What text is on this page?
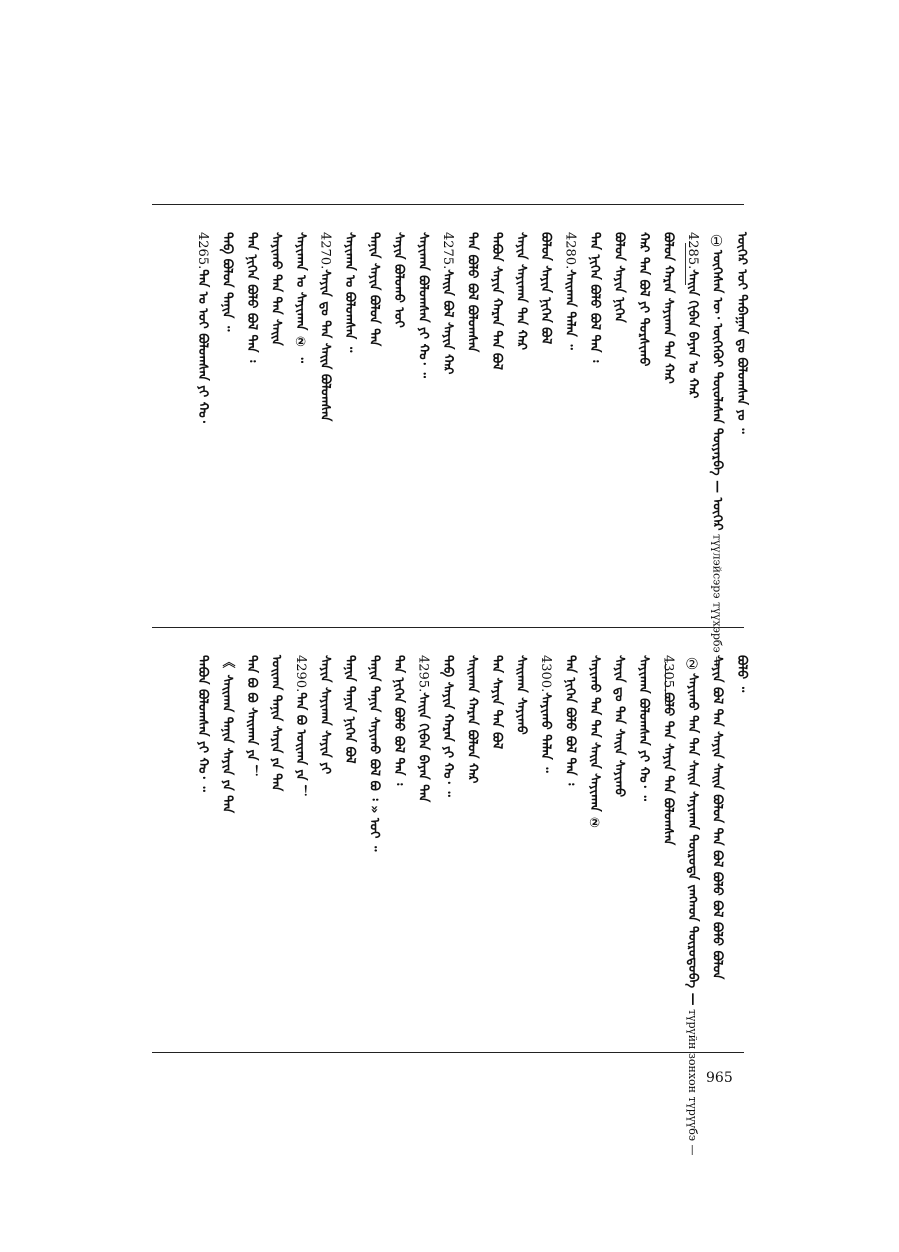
ᠦᠬᠡᠷ ᠣᠢ ᠳᠠᠪᠠᠭᠠᠨ ᠳᠤ ᠪᠣᠯᠤᠭᠰᠠᠨ ᠶᠤ ᠃
①ᠦᠬᠡᠰᠡᠨ ᠦ᠂ ᠦᠬᠡᠬᠦᠢ ᠲᠦᠦᠯᠡᠰᠡᠨ ᠲᠦᠶᠡᠷᠪᠡ — ᠦᠬᠡᠷ түүлэйсэрэ түүхэрбэ —
4285.ᠰᠠᠢᠨ ᠬᠢᠪᠡᠨ ᠪᠠᠶᠠᠨ ᠤ ᠬᠠᠷ
ᠪᠣᠯᠣᠨ ᠬᠠᠷᠠᠨ ᠰᠠᠶᠢᠬᠠᠨ ᠲᠠᠨ ᠬᠠᠷ
ᠬᠠᠷ ᠲᠠᠨ ᠪᠣᠯ ᠶᠢ ᠲᠤᠷᠰᠢᠬᠤ
ᠪᠣᠯᠤᠨ ᠰᠠᠶᠢᠨ ᠨᠢᠭᠡᠨ
ᠲᠠᠨ ᠨᠢᠭᠡᠨ ᠪᠣᠯᠤ ᠪᠣᠯ ᠲᠠᠨ ᠄
4280.ᠰᠠᠢᠬᠠᠨ ᠲᠠᠯᠠᠨ ᠃
ᠪᠣᠯᠤᠨ ᠰᠠᠶᠢᠨ ᠨᠢᠭᠡᠨ ᠪᠣᠯ
ᠰᠠᠶᠢᠨ ᠰᠠᠶᠢᠬᠠᠨ ᠲᠠᠨ ᠬᠠᠷ
ᠲᠠᠪᠤᠨ ᠰᠠᠶᠢᠨ ᠬᠠᠷᠠᠨ ᠲᠠᠨ ᠪᠣᠯ
ᠲᠠᠨ ᠪᠣᠯᠤ ᠪᠣᠯ ᠪᠣᠯᠤᠭᠰᠠᠨ
4275.ᠰᠠᠢᠨ ᠪᠣᠯ ᠰᠠᠶᠢᠨ ᠬᠠᠷ
ᠰᠠᠶᠢᠬᠠᠨ ᠪᠣᠯᠤᠭᠰᠠᠨ ᠶᠢ ᠬᠣ᠂ ᠃
ᠰᠠᠶᠢᠨ ᠪᠣᠯᠤᠬᠤ ᠣᠢ
ᠲᠠᠨᠢᠨ ᠰᠠᠶᠢᠨ ᠪᠣᠯᠤᠨ ᠲᠠᠨ
ᠰᠠᠶᠢᠬᠠᠨ ᠤ ᠪᠣᠯᠤᠭᠰᠠᠨ ᠃
4270.ᠰᠠᠶᠢᠨ ᠳᠤ ᠲᠠᠨ ᠰᠠᠢᠨ ᠪᠣᠯᠤᠭᠰᠠᠨ
ᠰᠠᠶᠢᠬᠠᠨ ᠤ ᠰᠠᠶᠢᠬᠠᠨ ② ᠃
ᠰᠠᠶᠢᠬᠤ ᠲᠠᠨ ᠲᠠᠨ ᠰᠠᠢᠨ
ᠲᠠᠨ ᠨᠢᠭᠡᠨ ᠪᠣᠯᠤ ᠪᠣᠯ ᠲᠠᠨ ᠄
ᠲᠠᠪ ᠪᠣᠯᠤᠨ ᠲᠠᠨᠢᠨ ᠃
4265.ᠲᠠᠨ ᠤ ᠣᠢ ᠪᠣᠯᠤᠭᠰᠠᠨ ᠶᠢ ᠬᠣ᠂
ᠪᠣᠯᠤ ᠃
ᠰᠠᠶᠢᠨ ᠪᠣᠯ ᠲᠠᠨ ᠰᠠᠶᠢᠨ ᠰᠠᠢᠨ ᠪᠣᠯᠤᠨ ᠲᠠᠨ ᠪᠣᠯ ᠪᠣᠯᠤ ᠪᠣᠯ ᠪᠣᠯᠤ ᠪᠣᠯᠤᠨ
②ᠰᠠᠶᠢᠬᠤ ᠲᠠᠨ ᠲᠠᠨ ᠰᠠᠢᠨ ᠰᠠᠶᠢᠬᠠᠨ ᠲᠦᠷᠦᠳᠡ ᠵᠠᠩᠬᠣᠨ ᠲᠦᠷᠦᠳᠦᠪᠡ — түрүйн зонхон түрүүбэ —
4305.ᠪᠣᠯᠤ ᠲᠠᠨ ᠰᠠᠶᠢᠨ ᠲᠠᠨ ᠪᠣᠯᠤᠭᠰᠠᠨ
ᠰᠠᠶᠢᠬᠠᠨ ᠪᠣᠯᠤᠭᠰᠠᠨ ᠶᠢ ᠬᠣ᠂ ᠃
ᠰᠠᠶᠢᠨ ᠳᠤ ᠲᠠᠨ ᠰᠠᠢᠨ ᠰᠠᠶᠢᠬᠤ
ᠰᠠᠶᠢᠬᠤ ᠲᠠᠨ ᠲᠠᠨ ᠰᠠᠢᠨ ᠰᠠᠶᠢᠬᠠᠨ ②
ᠲᠠᠨ ᠨᠢᠭᠡᠨ ᠪᠣᠯᠤ ᠪᠣᠯ ᠲᠠᠨ ᠄
4300.ᠰᠠᠶᠢᠬᠤ ᠲᠠᠯᠠᠨ ᠃
ᠰᠠᠢᠬᠠᠨ ᠰᠠᠶᠢᠬᠤ
ᠲᠠᠨ ᠰᠠᠶᠢᠨ ᠲᠠᠨ ᠪᠣᠯ
ᠰᠠᠢᠬᠠᠨ ᠬᠠᠷᠠᠨ ᠪᠣᠯᠤᠨ ᠬᠠᠷ
ᠲᠠᠪ ᠰᠠᠶᠢᠨ ᠬᠠᠷᠠᠨ ᠶᠢ ᠬᠣ᠂ ᠃
4295.ᠰᠠᠢᠨ ᠬᠢᠪᠡᠨ ᠪᠠᠶᠠᠨ ᠲᠠᠨ
ᠲᠠᠨ ᠨᠢᠭᠡᠨ ᠪᠣᠯᠤ ᠪᠣᠯ ᠲᠠᠨ ᠄
ᠲᠠᠨᠢᠨ ᠲᠠᠨᠢᠨ ᠰᠠᠶᠢᠬᠤ ᠪᠣᠯ ᠪᠣ ᠄ » ᠣᠢ ᠃
ᠲᠠᠨᠢᠨ ᠲᠠᠨᠢᠨ ᠨᠢᠭᠡᠨ ᠪᠣᠯ
ᠰᠠᠶᠢᠨ ᠰᠠᠶᠢᠬᠠᠨ ᠰᠠᠶᠢᠨ ᠶᠢ
4290.ᠲᠠᠨ ᠪᠣ ᠣᠢᠬᠠ ᠶᠠ ！
ᠣᠢᠬᠠ ᠲᠠᠨᠢᠨ ᠰᠠᠶᠢᠨ ᠶᠠ ᠲᠠᠨ
ᠲᠠᠨ ᠪᠣ ᠪᠣ ᠰᠠᠢᠬᠠᠨ ᠶᠠ ！
《 ᠰᠠᠢᠬᠠᠨ ᠲᠠᠨᠢᠨ ᠰᠠᠶᠢᠨ ᠶᠠ ᠲᠠᠨ
ᠲᠠᠪᠤᠨ ᠪᠣᠯᠤᠭᠰᠠᠨ ᠶᠢ ᠬᠣ᠂ ᠃
965
